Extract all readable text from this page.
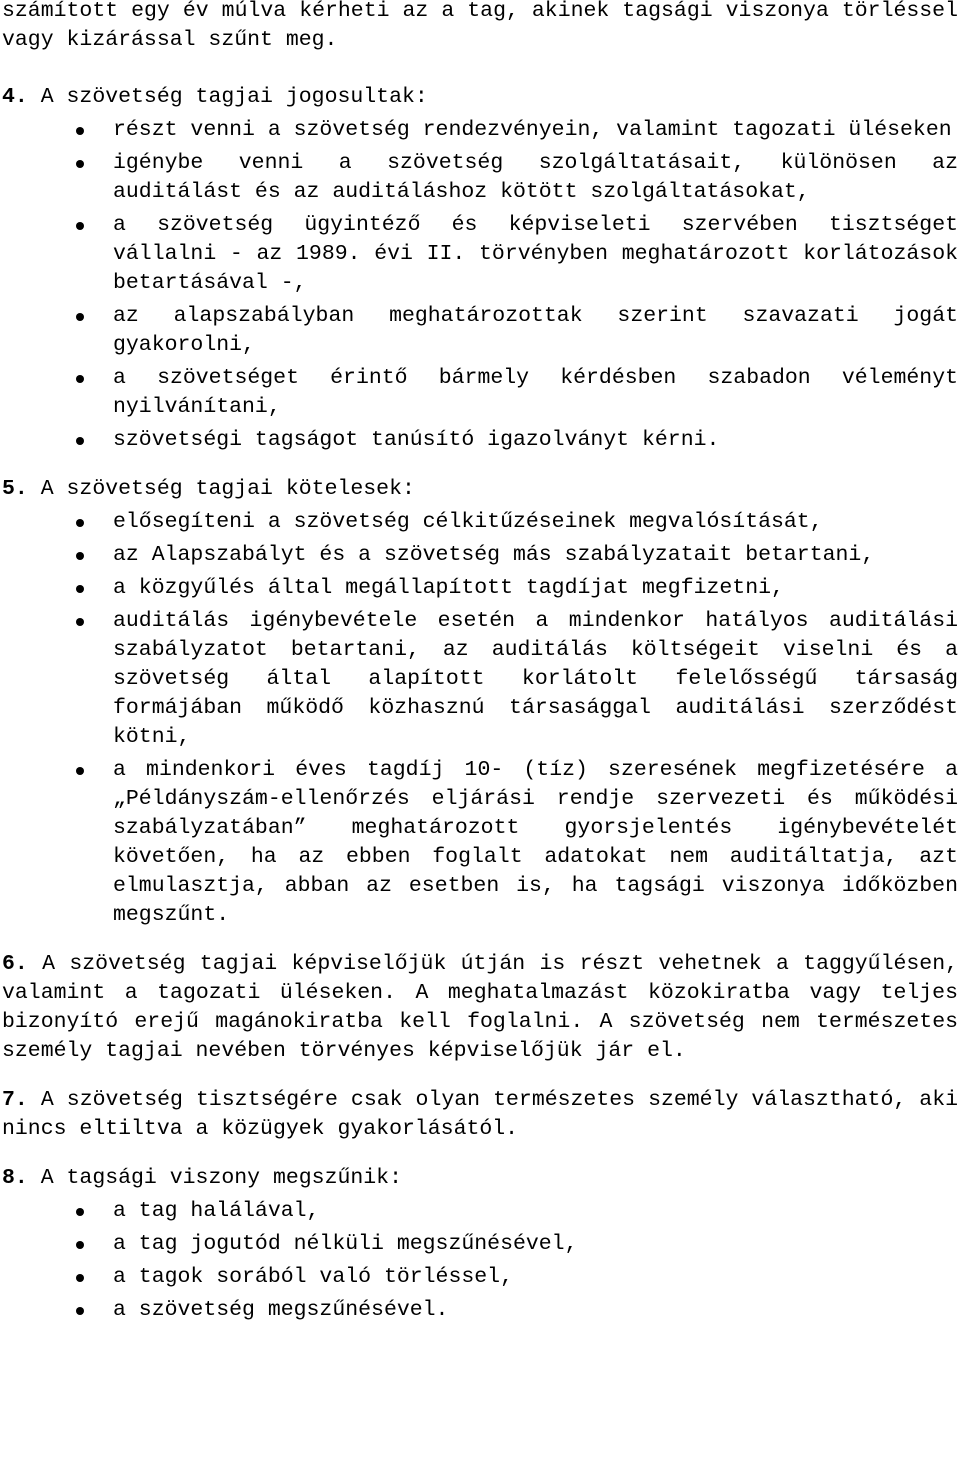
számított egy év múlva kérheti az a tag, akinek tagsági viszonya törléssel vagy kizárással szűnt meg.

4. A szövetség tagjai jogosultak:

részt venni a szövetség rendezvényein, valamint tagozati üléseken
igénybe venni a szövetség szolgáltatásait, különösen az auditálást és az auditáláshoz kötött szolgáltatásokat,
a szövetség ügyintéző és képviseleti szervében tisztséget vállalni - az 1989. évi II. törvényben meghatározott korlátozások betartásával -,
az alapszabályban meghatározottak szerint szavazati jogát gyakorolni,
a szövetséget érintő bármely kérdésben szabadon véleményt nyilvánítani,
szövetségi tagságot tanúsító igazolványt kérni.

5. A szövetség tagjai kötelesek:

elősegíteni a szövetség célkitűzéseinek megvalósítását,
az Alapszabályt és a szövetség más szabályzatait betartani,
a közgyűlés által megállapított tagdíjat megfizetni,
auditálás igénybevétele esetén a mindenkor hatályos auditálási szabályzatot betartani, az auditálás költségeit viselni és a szövetség által alapított korlátolt felelősségű társaság formájában működő közhasznú társasággal auditálási szerződést kötni,
a mindenkori éves tagdíj 10- (tíz) szeresének megfizetésére a „Példányszám-ellenőrzés eljárási rendje szervezeti és működési szabályzatában” meghatározott gyorsjelentés igénybevételét követően, ha az ebben foglalt adatokat nem auditáltatja, azt elmulasztja, abban az esetben is, ha tagsági viszonya időközben megszűnt.

6. A szövetség tagjai képviselőjük útján is részt vehetnek a taggyűlésen, valamint a tagozati üléseken. A meghatalmazást közokiratba vagy teljes bizonyító erejű magánokiratba kell foglalni. A szövetség nem természetes személy tagjai nevében törvényes képviselőjük jár el.

7. A szövetség tisztségére csak olyan természetes személy választható, aki nincs eltiltva a közügyek gyakorlásától.

8. A tagsági viszony megszűnik:

a tag halálával,
a tag jogutód nélküli megszűnésével,
a tagok sorából való törléssel,
a szövetség megszűnésével.
